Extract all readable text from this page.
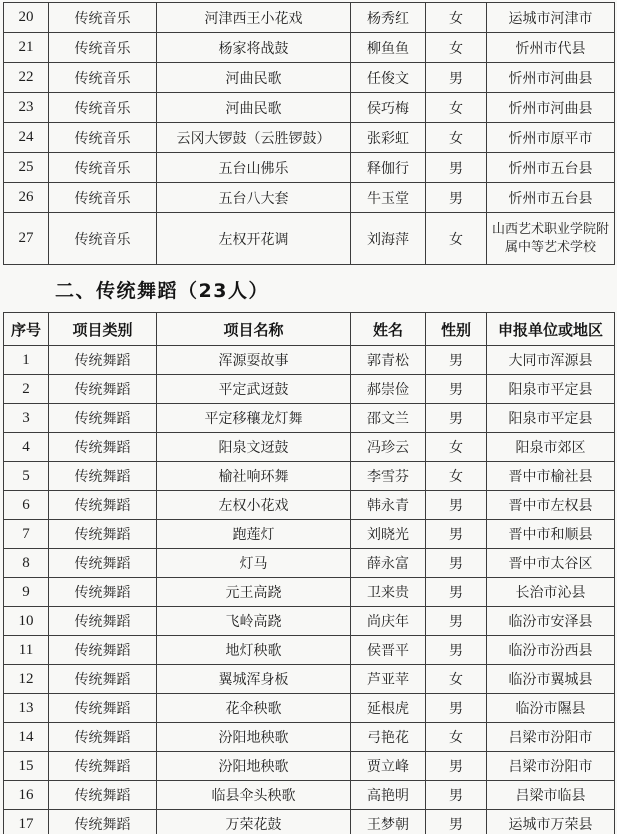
20	传统音乐	河津西王小花戏	杨秀红	女	运城市河津市
21	传统音乐	杨家将战鼓	柳鱼鱼	女	忻州市代县
22	传统音乐	河曲民歌	任俊文	男	忻州市河曲县
23	传统音乐	河曲民歌	侯巧梅	女	忻州市河曲县
24	传统音乐	云冈大锣鼓（云胜锣鼓）	张彩虹	女	忻州市原平市
25	传统音乐	五台山佛乐	释伽行	男	忻州市五台县
26	传统音乐	五台八大套	牛玉堂	男	忻州市五台县
27	传统音乐	左权开花调	刘海萍	女	山西艺术职业学院附属中等艺术学校
二、传统舞蹈（23人）
序号	项目类别	项目名称	姓名	性别	申报单位或地区
1	传统舞蹈	浑源耍故事	郭青松	男	大同市浑源县
2	传统舞蹈	平定武迓鼓	郝崇俭	男	阳泉市平定县
3	传统舞蹈	平定移穰龙灯舞	邵文兰	男	阳泉市平定县
4	传统舞蹈	阳泉文迓鼓	冯珍云	女	阳泉市郊区
5	传统舞蹈	榆社响环舞	李雪芬	女	晋中市榆社县
6	传统舞蹈	左权小花戏	韩永青	男	晋中市左权县
7	传统舞蹈	跑莲灯	刘晓光	男	晋中市和顺县
8	传统舞蹈	灯马	薛永富	男	晋中市太谷区
9	传统舞蹈	元王高跷	卫来贵	男	长治市沁县
10	传统舞蹈	飞岭高跷	尚庆年	男	临汾市安泽县
11	传统舞蹈	地灯秧歌	侯晋平	男	临汾市汾西县
12	传统舞蹈	翼城浑身板	芦亚苹	女	临汾市翼城县
13	传统舞蹈	花伞秧歌	延根虎	男	临汾市隰县
14	传统舞蹈	汾阳地秧歌	弓艳花	女	吕梁市汾阳市
15	传统舞蹈	汾阳地秧歌	贾立峰	男	吕梁市汾阳市
16	传统舞蹈	临县伞头秧歌	高艳明	男	吕梁市临县
17	传统舞蹈	万荣花鼓	王梦朝	男	运城市万荣县
